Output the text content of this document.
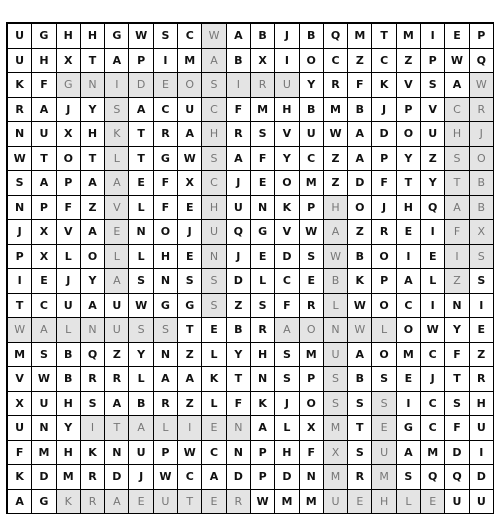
U	G	H	H	G	W	S	C	W	A	B	J	B	Q	M	T	M	I	E	P
U	H	X	T	A	P	I	M	A	B	X	I	O	C	Z	C	Z	P	W	Q
K	F	G	N	I	D	E	O	S	I	R	U	Y	R	F	K	V	S	A	W
R	A	J	Y	S	A	C	U	C	F	M	H	B	M	B	J	P	V	C	R
N	U	X	H	K	T	R	A	H	R	S	V	U	W	A	D	O	U	H	J
W	T	O	T	L	T	G	W	S	A	F	Y	C	Z	A	P	Y	Z	S	O
S	A	P	A	A	E	F	X	C	J	E	O	M	Z	D	F	T	Y	T	B
N	P	F	Z	V	L	F	E	H	U	N	K	P	H	O	J	H	Q	A	B
J	X	V	A	E	N	O	J	U	Q	G	V	W	A	Z	R	E	I	F	X
P	X	L	O	L	L	H	E	N	J	E	D	S	W	B	O	I	E	I	S
I	E	J	Y	A	S	N	S	S	D	L	C	E	B	K	P	A	L	Z	S
T	C	U	A	U	W	G	G	S	Z	S	F	R	L	W	O	C	I	N	I
W	A	L	N	U	S	S	T	E	B	R	A	O	N	W	L	O	W	Y	E
M	S	B	Q	Z	Y	N	Z	L	Y	H	S	M	U	A	O	M	C	F	Z
V	W	B	R	R	L	A	A	K	T	N	S	P	S	B	S	E	J	T	R
X	U	H	S	A	B	R	Z	L	F	K	J	O	S	S	S	I	C	S	H
U	N	Y	I	T	A	L	I	E	N	A	L	X	M	T	E	G	C	F	U
F	M	H	K	N	U	P	W	C	N	P	H	F	X	S	U	A	M	D	I
K	D	M	R	D	J	W	C	A	D	P	D	N	M	R	M	S	Q	Q	D
A	G	K	R	A	E	U	T	E	R	W	M	M	U	E	H	L	E	U	U
